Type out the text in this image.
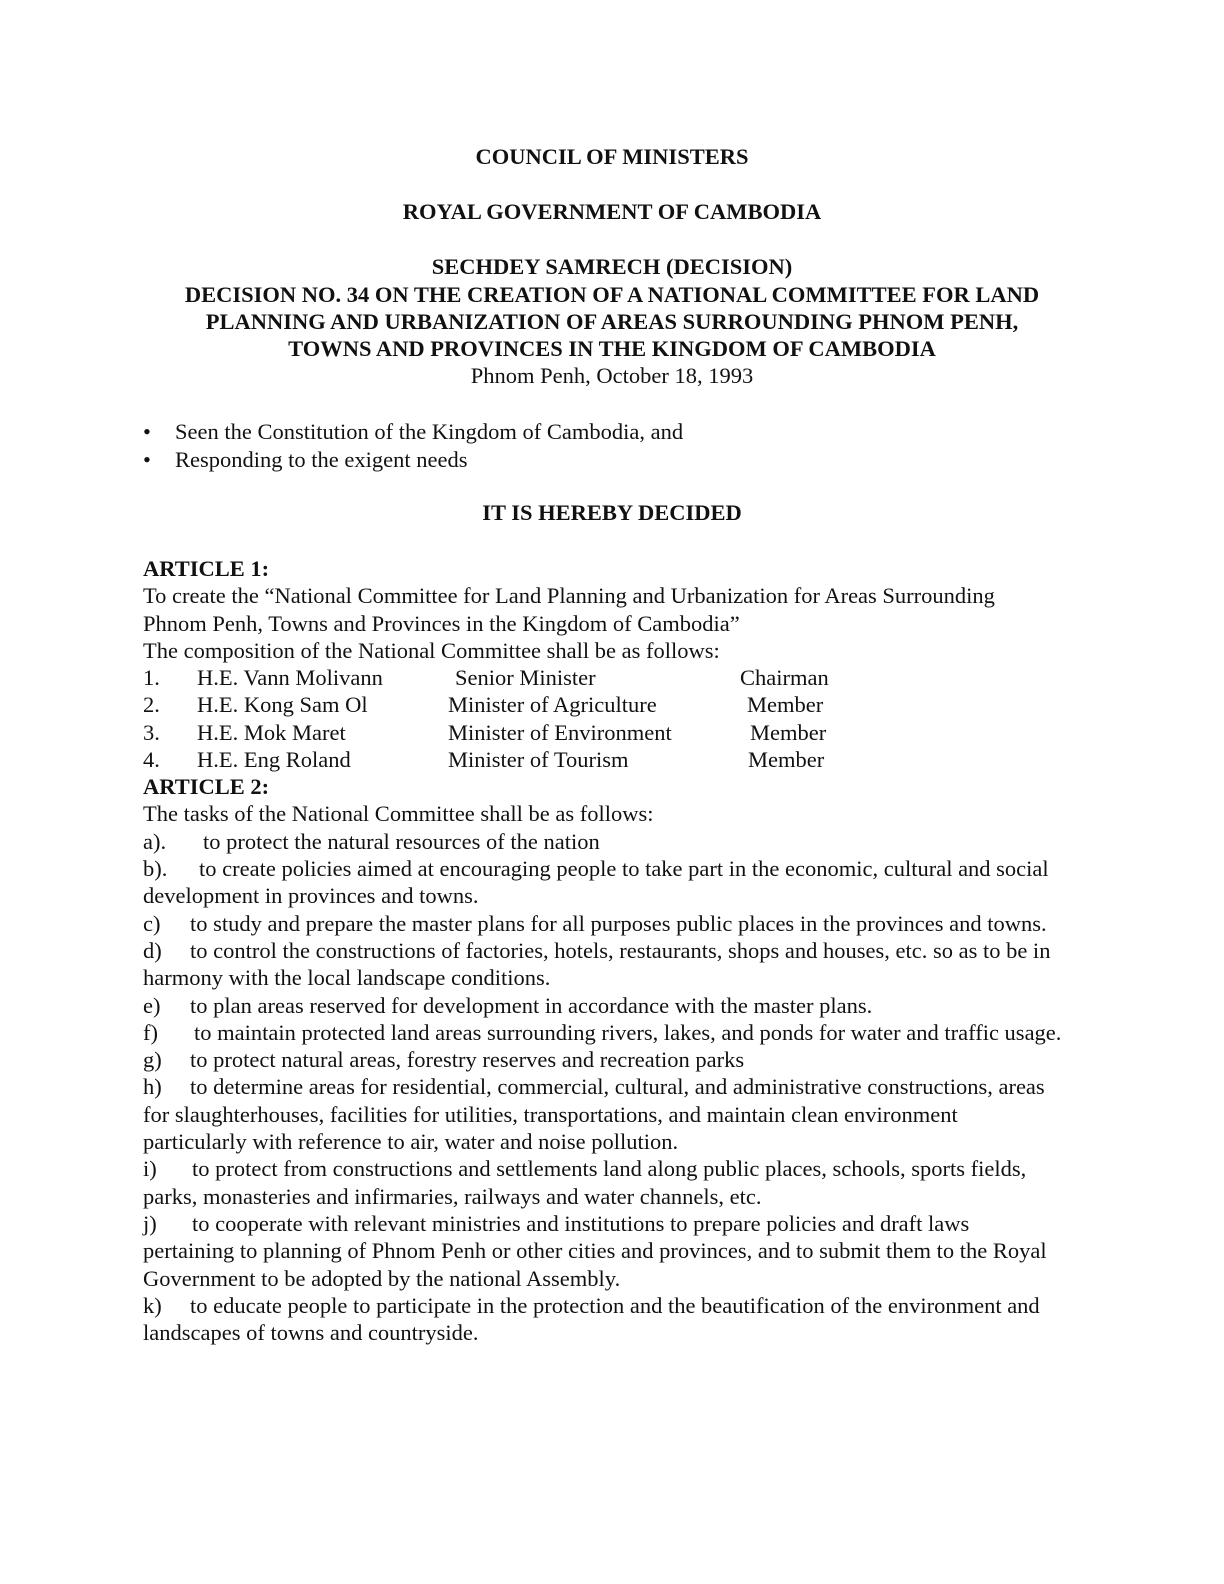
COUNCIL OF MINISTERS
ROYAL GOVERNMENT OF CAMBODIA
SECHDEY SAMRECH (DECISION)
DECISION NO. 34 ON THE CREATION OF A NATIONAL COMMITTEE FOR LAND
PLANNING AND URBANIZATION OF AREAS SURROUNDING PHNOM PENH,
TOWNS AND PROVINCES IN THE KINGDOM OF CAMBODIA
Phnom Penh, October 18, 1993
• Seen the Constitution of the Kingdom of Cambodia, and
• Responding to the exigent needs
IT IS HEREBY DECIDED

ARTICLE 1:

To create the “National Committee for Land Planning and Urbanization for Areas Surrounding

Phnom Penh, Towns and Provinces in the Kingdom of Cambodia”

The composition of the National Committee shall be as follows:

1. H.E. Vann Molivann	Senior Minister	Chairman
2. H.E. Kong Sam Ol	Minister of Agriculture	Member
3. H.E. Mok Maret	Minister of Environment	Member
4. H.E. Eng Roland	Minister of Tourism	Member

ARTICLE 2:

The tasks of the National Committee shall be as follows:

a). to protect the natural resources of the nation

b). to create policies aimed at encouraging people to take part in the economic, cultural and social development in provinces and towns.

c) to study and prepare the master plans for all purposes public places in the provinces and towns.

d) to control the constructions of factories, hotels, restaurants, shops and houses, etc. so as to be in harmony with the local landscape conditions.

e) to plan areas reserved for development in accordance with the master plans.

f) to maintain protected land areas surrounding rivers, lakes, and ponds for water and traffic usage.

g) to protect natural areas, forestry reserves and recreation parks

h) to determine areas for residential, commercial, cultural, and administrative constructions, areas for slaughterhouses, facilities for utilities, transportations, and maintain clean environment particularly with reference to air, water and noise pollution.

i) to protect from constructions and settlements land along public places, schools, sports fields, parks, monasteries and infirmaries, railways and water channels, etc.

j) to cooperate with relevant ministries and institutions to prepare policies and draft laws pertaining to planning of Phnom Penh or other cities and provinces, and to submit them to the Royal Government to be adopted by the national Assembly.

k) to educate people to participate in the protection and the beautification of the environment and landscapes of towns and countryside.
